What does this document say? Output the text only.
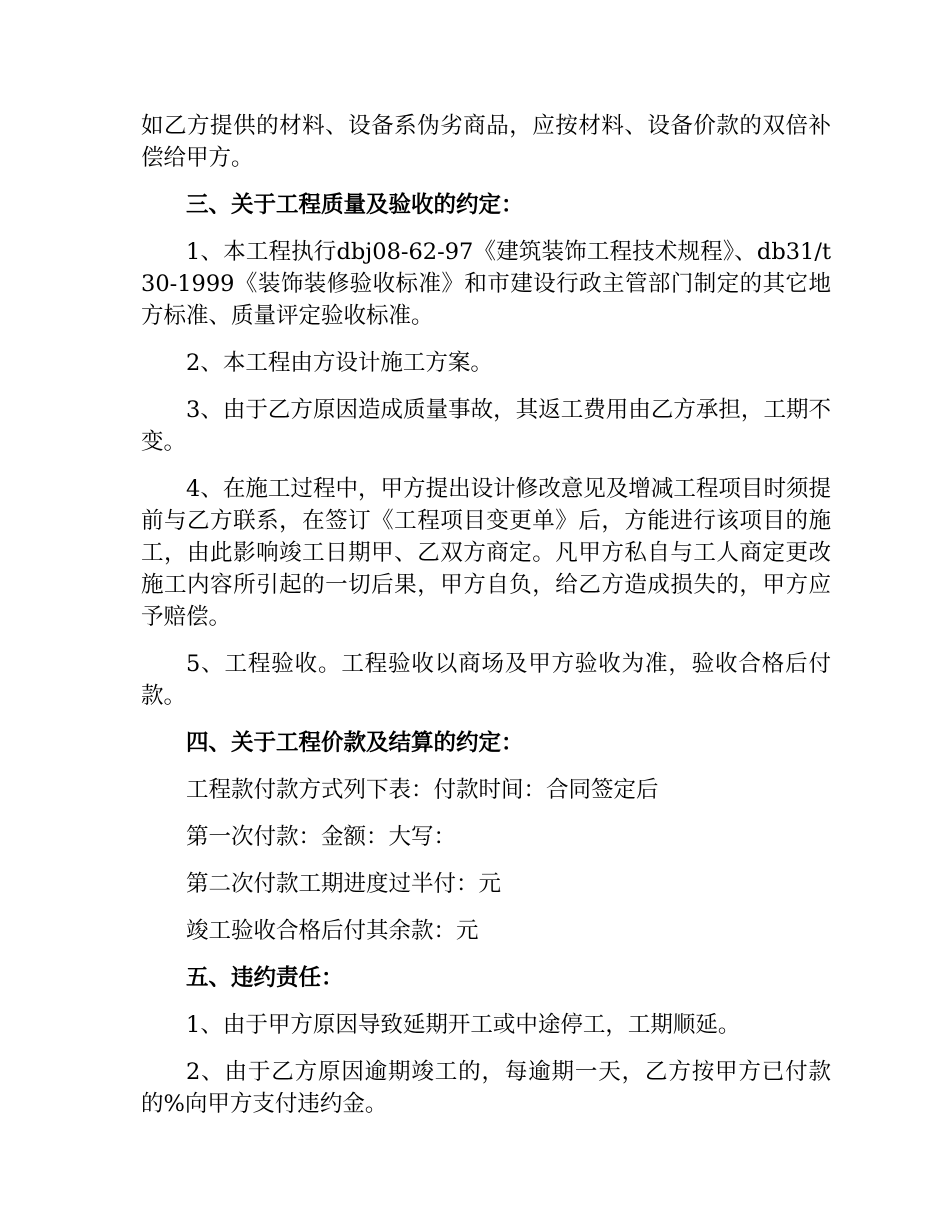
如乙方提供的材料、设备系伪劣商品，应按材料、设备价款的双倍补偿给甲方。

三、关于工程质量及验收的约定：

1、本工程执行dbj08-62-97《建筑装饰工程技术规程》、db31/t30-1999《装饰装修验收标准》和市建设行政主管部门制定的其它地方标准、质量评定验收标准。

2、本工程由方设计施工方案。

3、由于乙方原因造成质量事故，其返工费用由乙方承担，工期不变。

4、在施工过程中，甲方提出设计修改意见及增减工程项目时须提前与乙方联系，在签订《工程项目变更单》后，方能进行该项目的施工，由此影响竣工日期甲、乙双方商定。凡甲方私自与工人商定更改施工内容所引起的一切后果，甲方自负，给乙方造成损失的，甲方应予赔偿。

5、工程验收。工程验收以商场及甲方验收为准，验收合格后付款。

四、关于工程价款及结算的约定：

工程款付款方式列下表：付款时间：合同签定后

第一次付款：金额：大写：

第二次付款工期进度过半付：元

竣工验收合格后付其余款：元

五、违约责任：

1、由于甲方原因导致延期开工或中途停工，工期顺延。

2、由于乙方原因逾期竣工的，每逾期一天，乙方按甲方已付款的%向甲方支付违约金。
